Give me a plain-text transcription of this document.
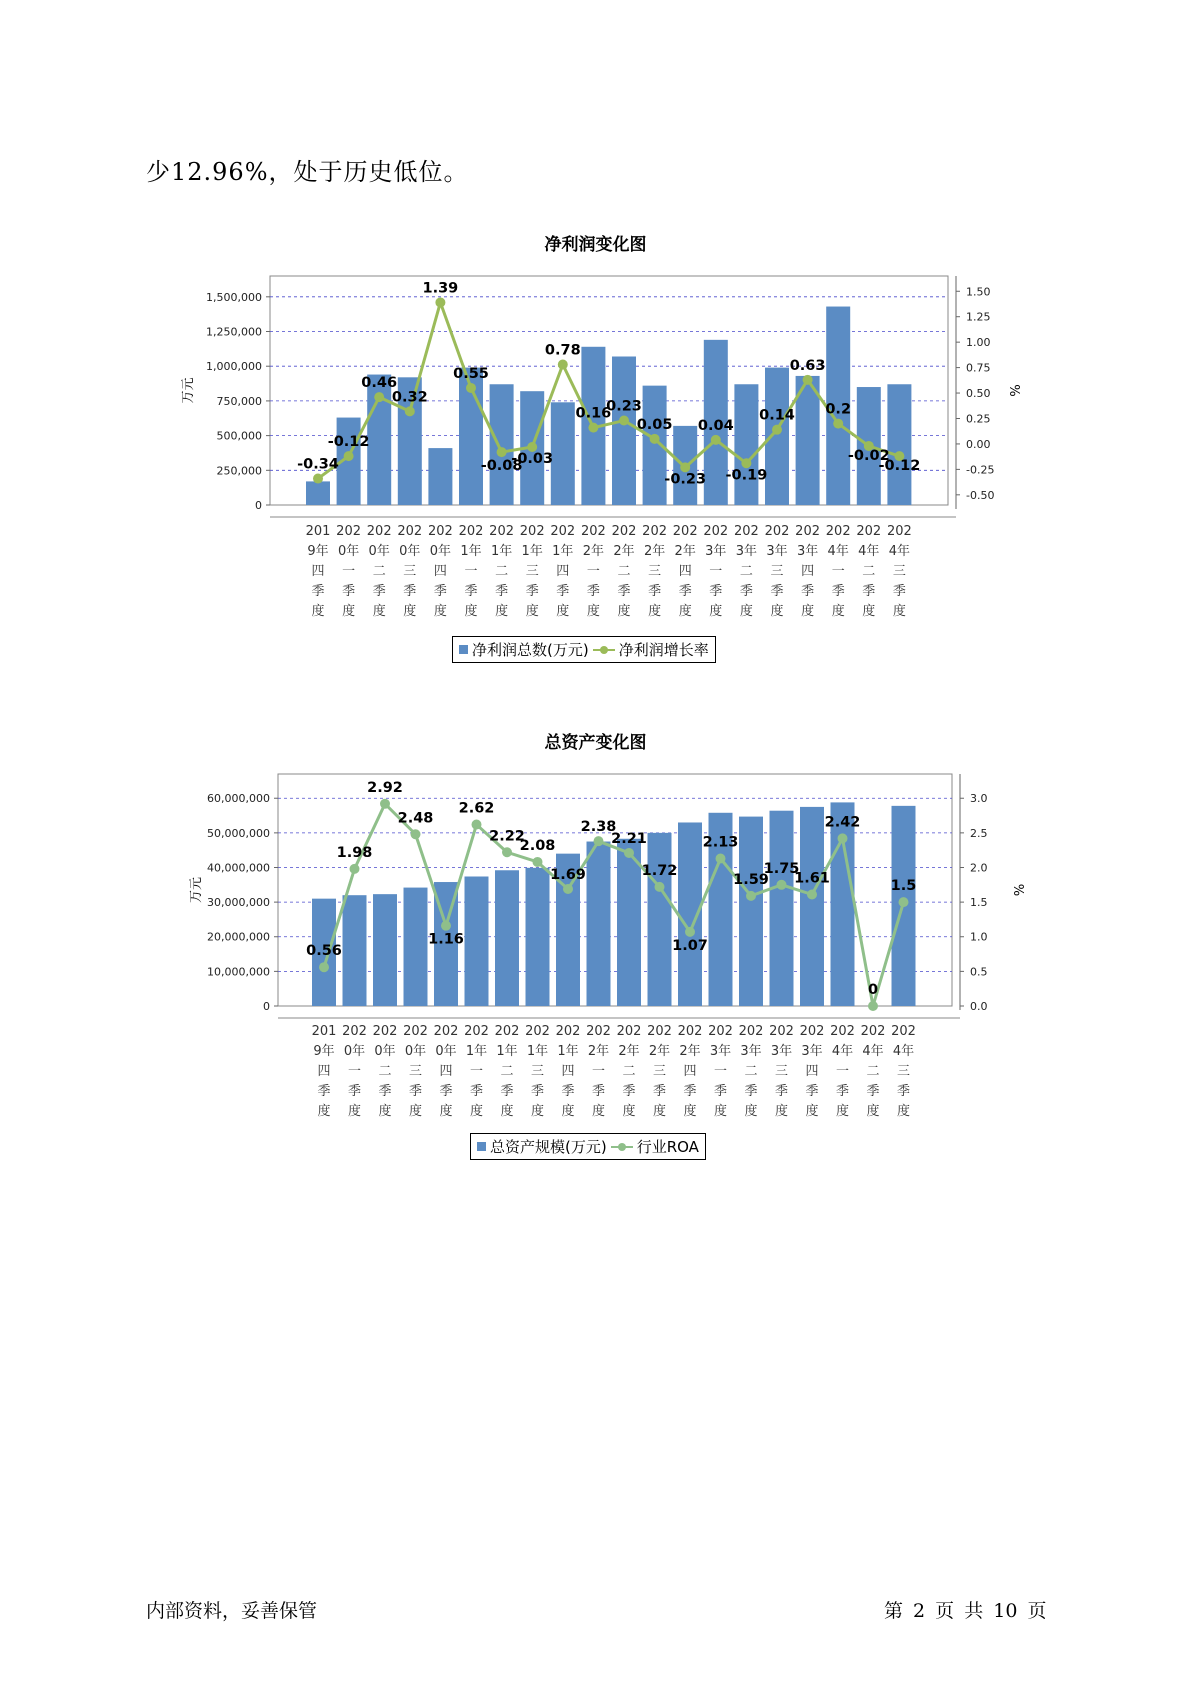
少12.96%，处于历史低位。
净利润变化图
0
250,000
500,000
750,000
1,000,000
1,250,000
1,500,000
-0.50
-0.25
0.00
0.25
0.50
0.75
1.00
1.25
1.50
万元	%
-0.34
-0.12
0.46
0.32
1.39
0.55
-0.08
-0.03
0.78
0.16
0.23
0.05
-0.23
0.04
-0.19
0.14
0.63
0.2
-0.02
-0.12
201
9年
四
季
度
202
0年
一
季
度
202
0年
二
季
度
202
0年
三
季
度
202
0年
四
季
度
202
1年
一
季
度
202
1年
二
季
度
202
1年
三
季
度
202
1年
四
季
度
202
2年
一
季
度
202
2年
二
季
度
202
2年
三
季
度
202
2年
四
季
度
202
3年
一
季
度
202
3年
二
季
度
202
3年
三
季
度
202
3年
四
季
度
202
4年
一
季
度
202
4年
二
季
度
202
4年
三
季
度
净利润总数(万元) 净利润增长率
总资产变化图
0
10,000,000
20,000,000
30,000,000
40,000,000
50,000,000
60,000,000
0.0
0.5
1.0
1.5
2.0
2.5
3.0
万元	%
0.56
1.98
2.92
2.48
1.16
2.62
2.22
2.08
1.69
2.38
2.21
1.72
1.07
2.13
1.59
1.75
1.61
2.42
0
1.5
201
9年
四
季
度
202
0年
一
季
度
202
0年
二
季
度
202
0年
三
季
度
202
0年
四
季
度
202
1年
一
季
度
202
1年
二
季
度
202
1年
三
季
度
202
1年
四
季
度
202
2年
一
季
度
202
2年
二
季
度
202
2年
三
季
度
202
2年
四
季
度
202
3年
一
季
度
202
3年
二
季
度
202
3年
三
季
度
202
3年
四
季
度
202
4年
一
季
度
202
4年
二
季
度
202
4年
三
季
度
总资产规模(万元) 行业ROA
内部资料，妥善保管	第 2 页 共 10 页
